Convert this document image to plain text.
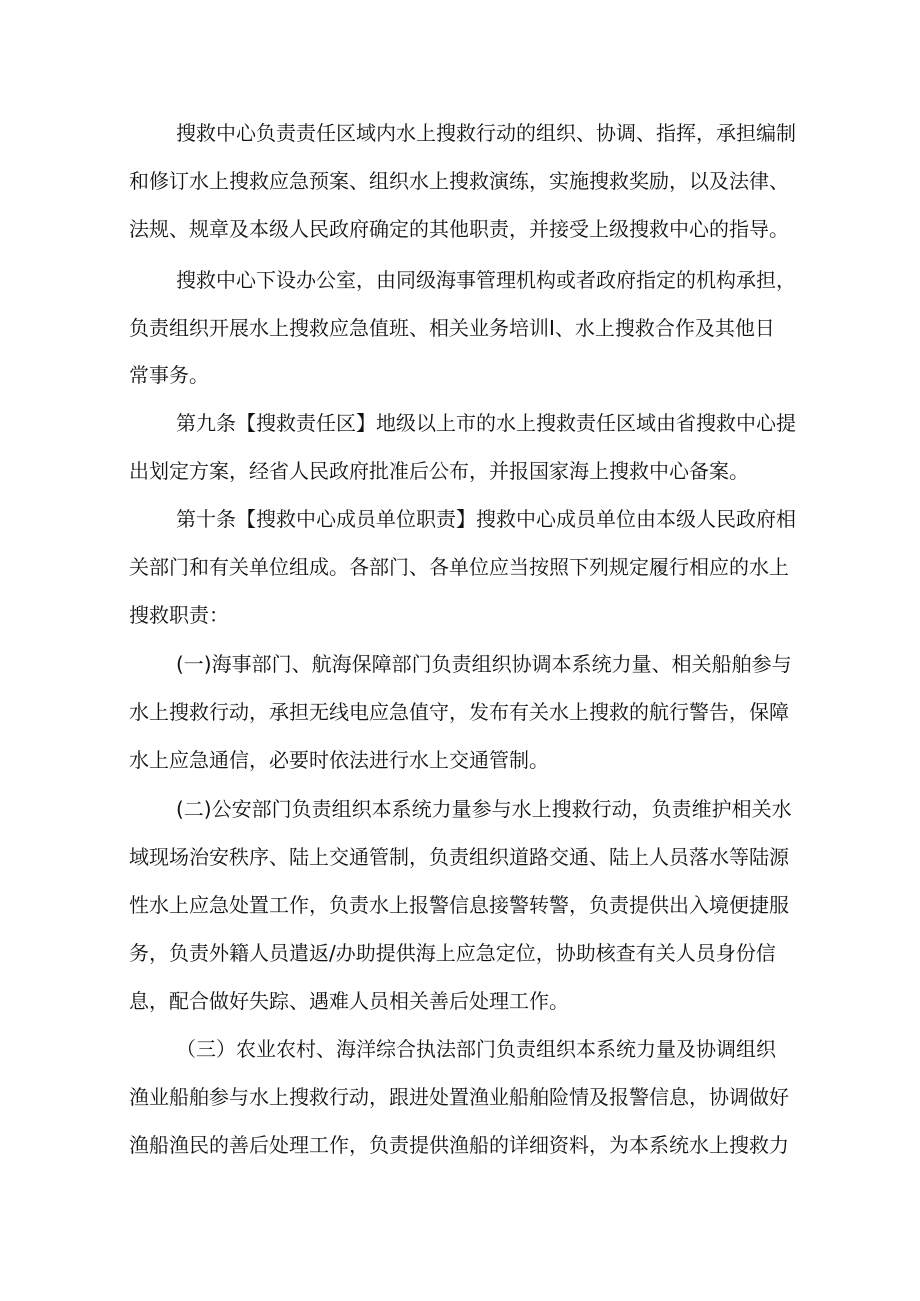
搜救中心负责责任区域内水上搜救行动的组织、协调、指挥，承担编制
和修订水上搜救应急预案、组织水上搜救演练，实施搜救奖励，以及法律、
法规、规章及本级人民政府确定的其他职责，并接受上级搜救中心的指导。
搜救中心下设办公室，由同级海事管理机构或者政府指定的机构承担，
负责组织开展水上搜救应急值班、相关业务培训I、水上搜救合作及其他日
常事务。
第九条【搜救责任区】地级以上市的水上搜救责任区域由省搜救中心提
出划定方案，经省人民政府批准后公布，并报国家海上搜救中心备案。
第十条【搜救中心成员单位职责】搜救中心成员单位由本级人民政府相
关部门和有关单位组成。各部门、各单位应当按照下列规定履行相应的水上
搜救职责：
(一)海事部门、航海保障部门负责组织协调本系统力量、相关船舶参与
水上搜救行动，承担无线电应急值守，发布有关水上搜救的航行警告，保障
水上应急通信，必要时依法进行水上交通管制。
(二)公安部门负责组织本系统力量参与水上搜救行动，负责维护相关水
域现场治安秩序、陆上交通管制，负责组织道路交通、陆上人员落水等陆源
性水上应急处置工作，负责水上报警信息接警转警，负责提供出入境便捷服
务，负责外籍人员遣返/办助提供海上应急定位，协助核查有关人员身份信
息，配合做好失踪、遇难人员相关善后处理工作。
（三）农业农村、海洋综合执法部门负责组织本系统力量及协调组织
渔业船舶参与水上搜救行动，跟进处置渔业船舶险情及报警信息，协调做好
渔船渔民的善后处理工作，负责提供渔船的详细资料，为本系统水上搜救力
